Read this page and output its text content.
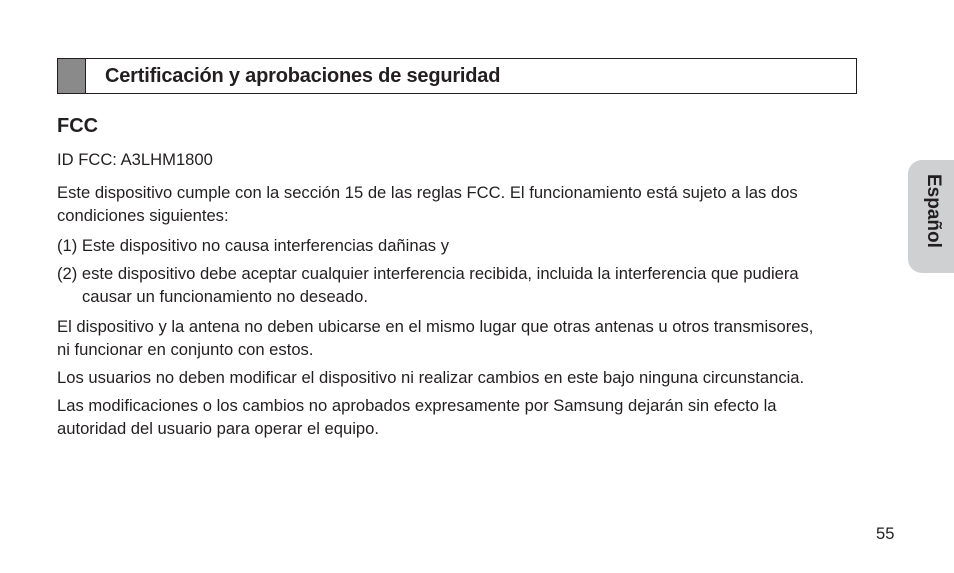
Certificación y aprobaciones de seguridad
FCC
ID FCC: A3LHM1800
Este dispositivo cumple con la sección 15 de las reglas FCC. El funcionamiento está sujeto a las dos
condiciones siguientes:
(1) Este dispositivo no causa interferencias dañinas y
(2) este dispositivo debe aceptar cualquier interferencia recibida, incluida la interferencia que pudiera
causar un funcionamiento no deseado.
El dispositivo y la antena no deben ubicarse en el mismo lugar que otras antenas u otros transmisores,
ni funcionar en conjunto con estos.
Los usuarios no deben modificar el dispositivo ni realizar cambios en este bajo ninguna circunstancia.
Las modificaciones o los cambios no aprobados expresamente por Samsung dejarán sin efecto la
autoridad del usuario para operar el equipo.
Español
55
